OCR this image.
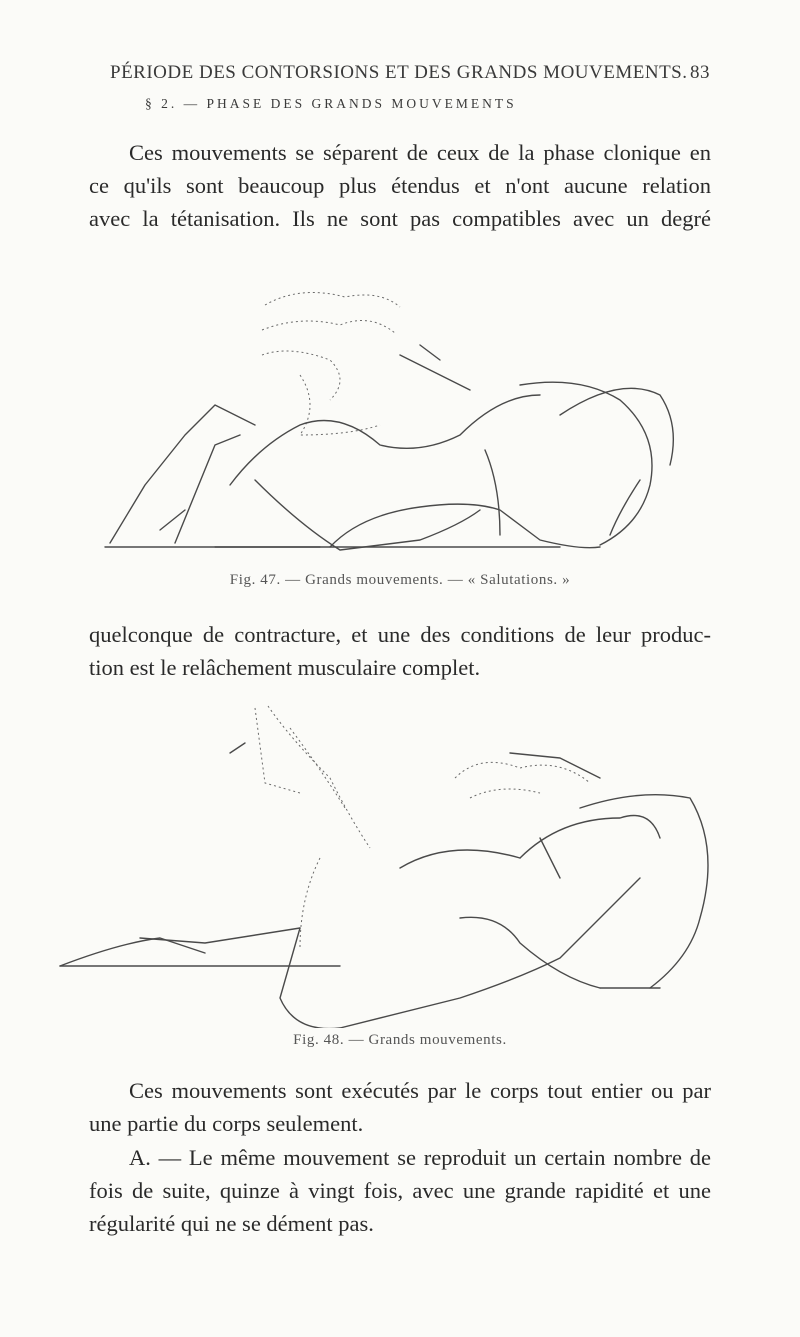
PÉRIODE DES CONTORSIONS ET DES GRANDS MOUVEMENTS. 83
§ 2. — PHASE DES GRANDS MOUVEMENTS
Ces mouvements se séparent de ceux de la phase clonique en
ce qu'ils sont beaucoup plus étendus et n'ont aucune relation
avec la tétanisation. Ils ne sont pas compatibles avec un degré
Fig. 47. — Grands mouvements. — « Salutations. »
quelconque de contracture, et une des conditions de leur produc-
tion est le relâchement musculaire complet.
Fig. 48. — Grands mouvements.
Ces mouvements sont exécutés par le corps tout entier ou par
une partie du corps seulement.
A. — Le même mouvement se reproduit un certain nombre de
fois de suite, quinze à vingt fois, avec une grande rapidité et une
régularité qui ne se dément pas.
